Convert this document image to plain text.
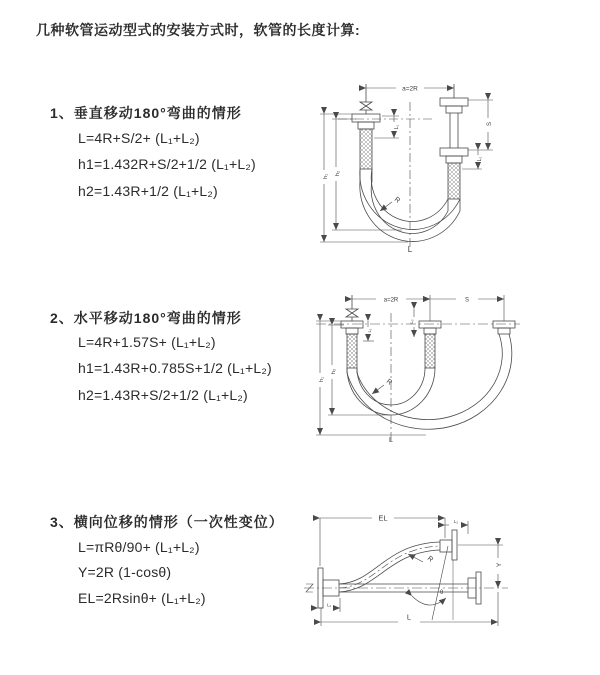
几种软管运动型式的安装方式时，软管的长度计算:
1、垂直移动180°弯曲的情形
L=4R+S/2+ (L₁+L₂)
h1=1.432R+S/2+1/2 (L₁+L₂)
h2=1.43R+1/2 (L₁+L₂)
a=2R
S
L₁
L₂
h₁
h₂
R
L
2、水平移动180°弯曲的情形
L=4R+1.57S+ (L₁+L₂)
h1=1.43R+0.785S+1/2 (L₁+L₂)
h2=1.43R+S/2+1/2 (L₁+L₂)
a=2R	S
L₁
L₂
h₁
h₂
R
L
3、横向位移的情形（一次性变位）
L=πRθ/90+ (L₁+L₂)
Y=2R (1-cosθ)
EL=2Rsinθ+ (L₁+L₂)
EL	L₂
Y
L
L₁
θ
R
